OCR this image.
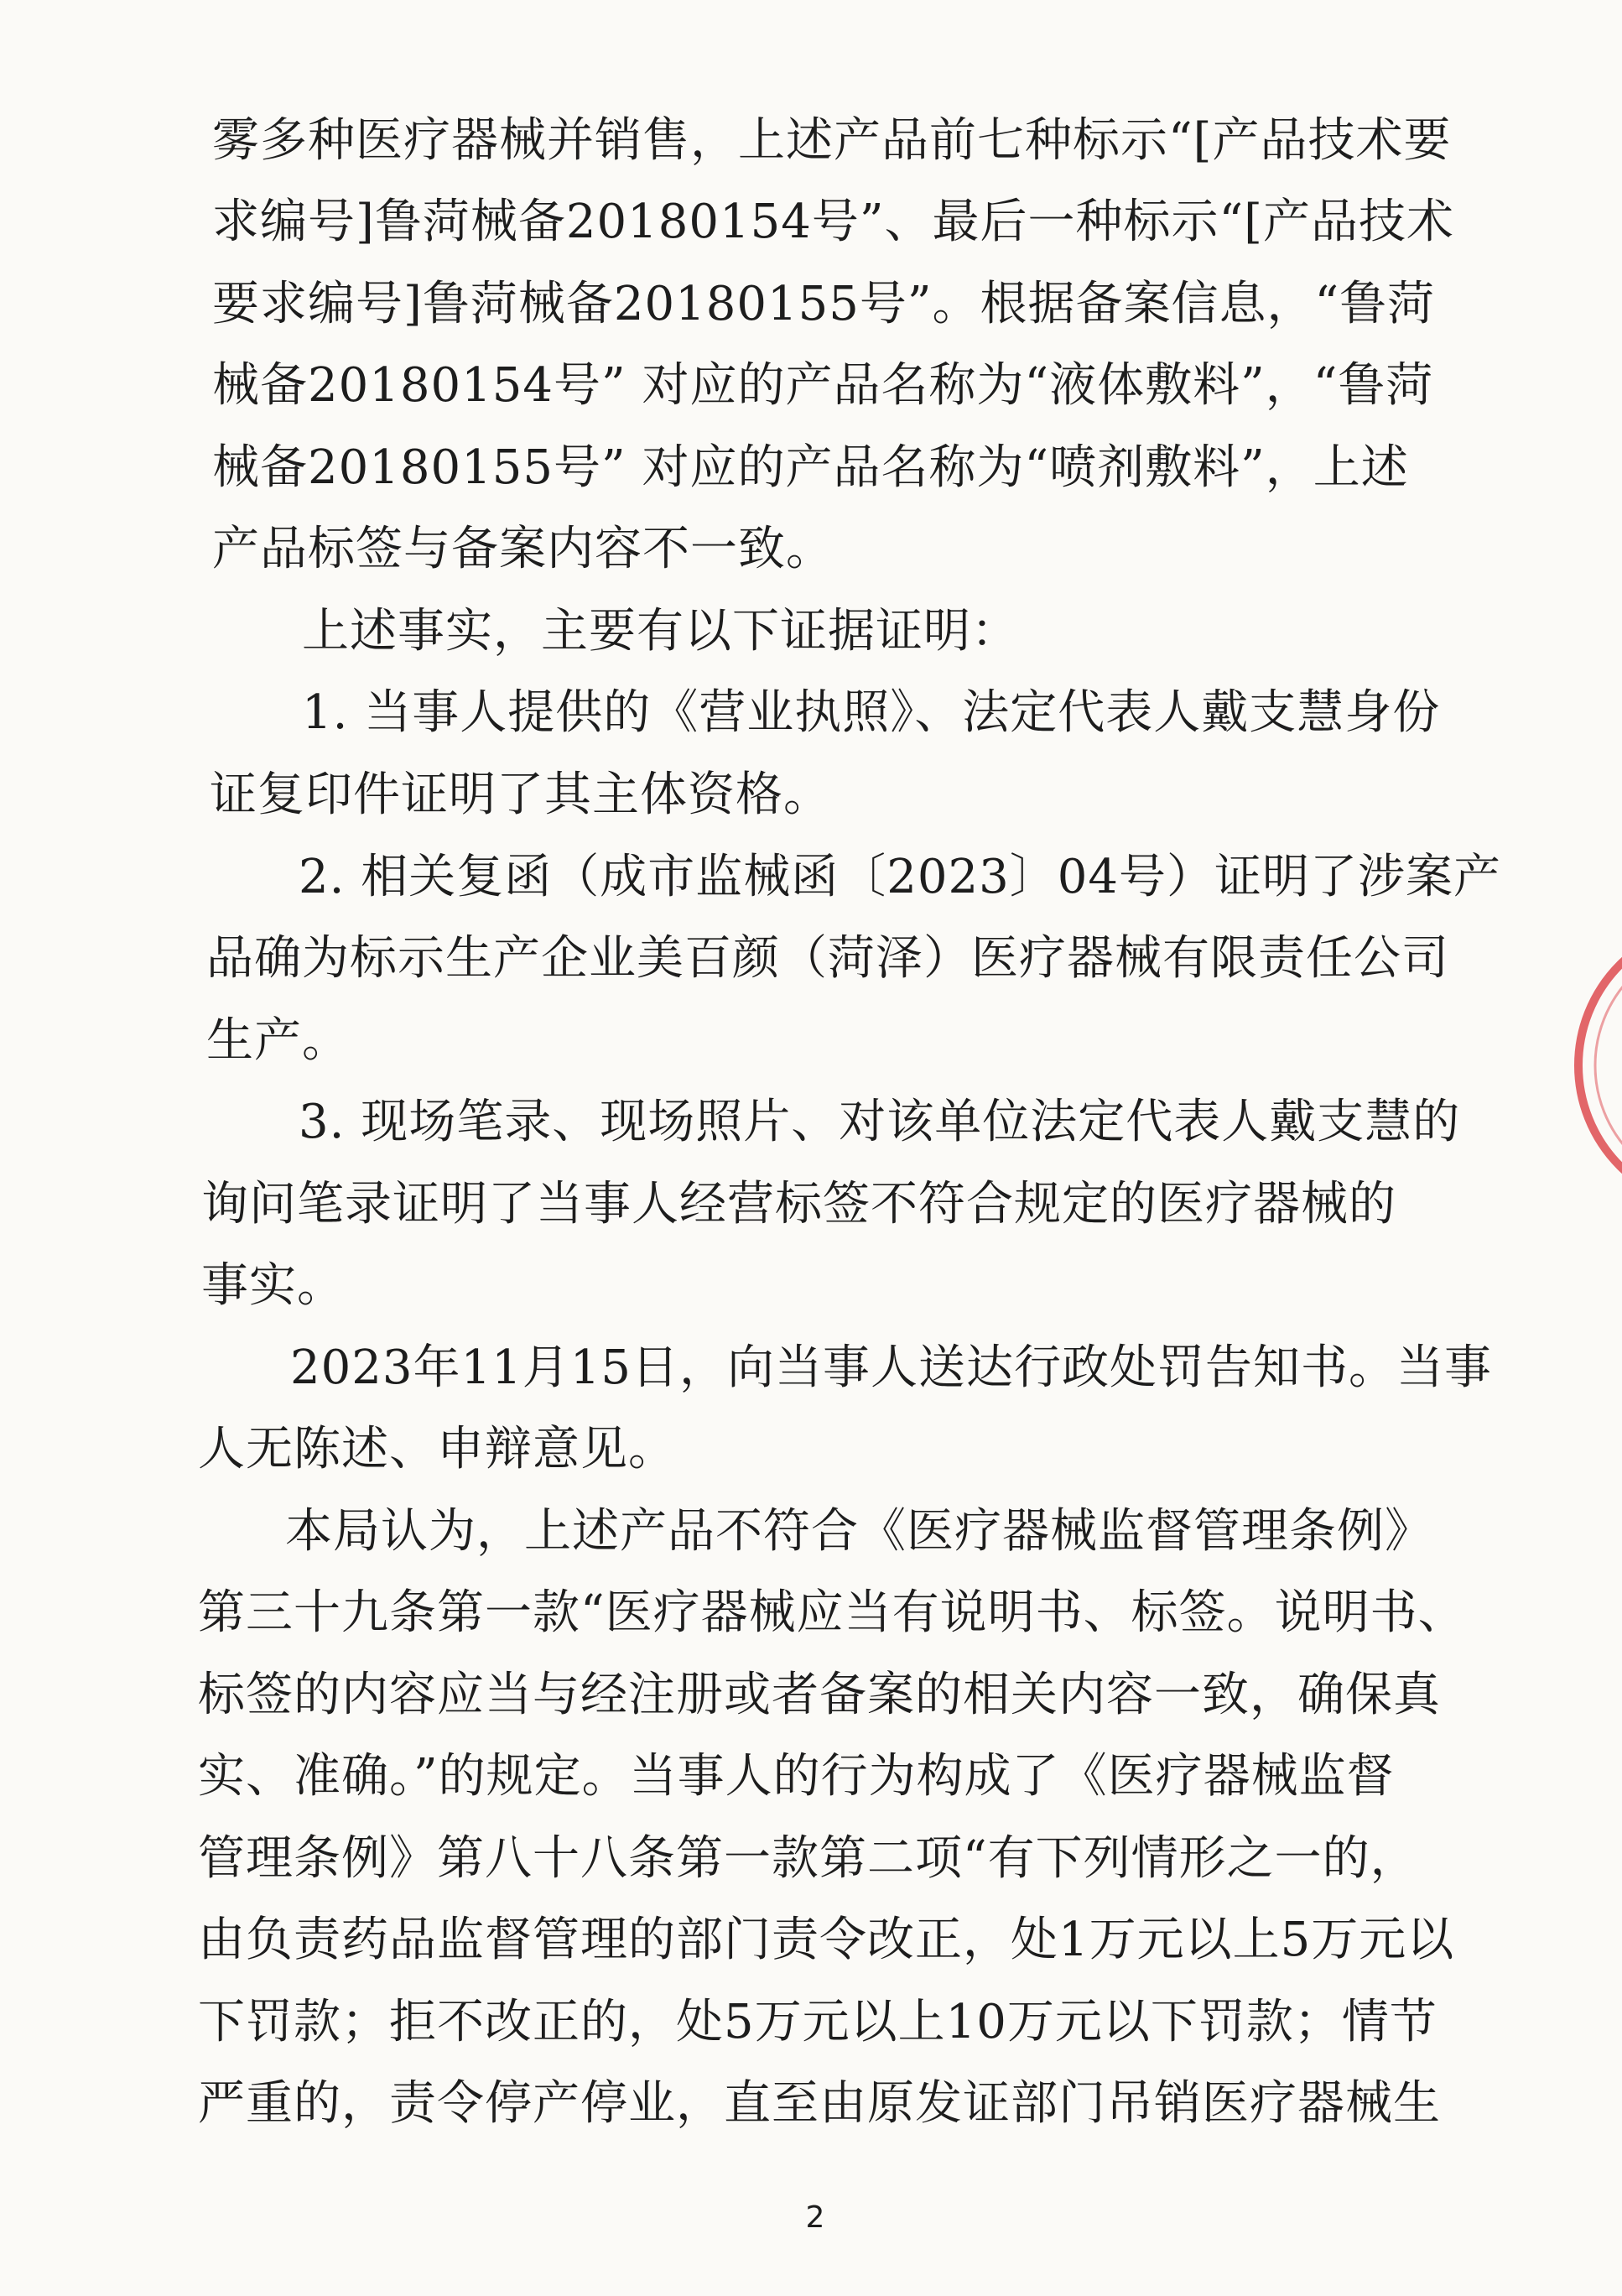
雾多种医疗器械并销售，上述产品前七种标示“[产品技术要
求编号]鲁菏械备20180154号”、最后一种标示“[产品技术
要求编号]鲁菏械备20180155号”。根据备案信息，“鲁菏
械备20180154号” 对应的产品名称为“液体敷料”，“鲁菏
械备20180155号” 对应的产品名称为“喷剂敷料”，上述
产品标签与备案内容不一致。
上述事实，主要有以下证据证明：
1. 当事人提供的《营业执照》、法定代表人戴支慧身份
证复印件证明了其主体资格。
2. 相关复函（成市监械函〔2023〕04号）证明了涉案产
品确为标示生产企业美百颜（菏泽）医疗器械有限责任公司
生产。
3. 现场笔录、现场照片、对该单位法定代表人戴支慧的
询问笔录证明了当事人经营标签不符合规定的医疗器械的
事实。
2023年11月15日，向当事人送达行政处罚告知书。当事
人无陈述、申辩意见。
本局认为，上述产品不符合《医疗器械监督管理条例》
第三十九条第一款“医疗器械应当有说明书、标签。说明书、
标签的内容应当与经注册或者备案的相关内容一致，确保真
实、准确。”的规定。当事人的行为构成了《医疗器械监督
管理条例》第八十八条第一款第二项“有下列情形之一的，
由负责药品监督管理的部门责令改正，处1万元以上5万元以
下罚款；拒不改正的，处5万元以上10万元以下罚款；情节
严重的，责令停产停业，直至由原发证部门吊销医疗器械生
2
